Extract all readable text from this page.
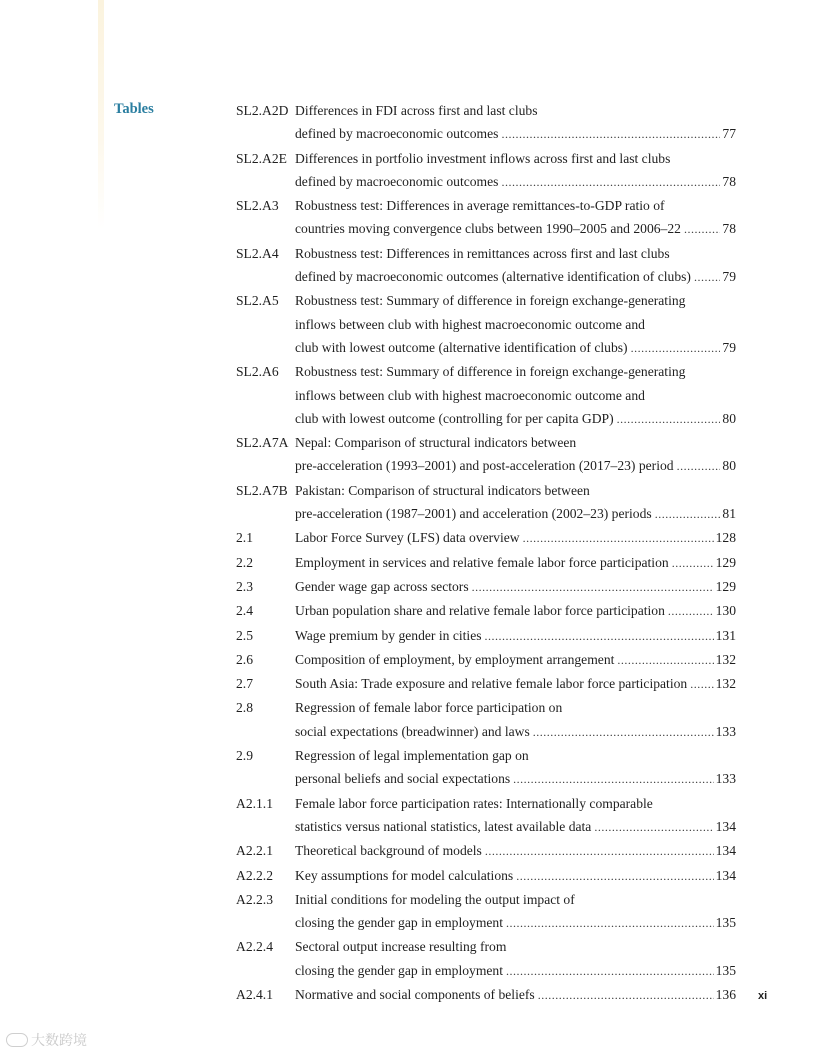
Tables	SL2.A2D Differences in FDI across first and last clubs
defined by macroeconomic outcomes .....	77
SL2.A2E Differences in portfolio investment inflows across first and last clubs
defined by macroeconomic outcomes .....	78
SL2.A3	Robustness test: Differences in average remittances-to-GDP ratio of
countries moving convergence clubs between 1990–2005 and 2006–22 .....	78
SL2.A4	Robustness test: Differences in remittances across first and last clubs
defined by macroeconomic outcomes (alternative identification of clubs) ..... 79
SL2.A5	Robustness test: Summary of difference in foreign exchange-generating
inflows between club with highest macroeconomic outcome and
club with lowest outcome (alternative identification of clubs) .....	79
SL2.A6	Robustness test: Summary of difference in foreign exchange-generating
inflows between club with highest macroeconomic outcome and
club with lowest outcome (controlling for per capita GDP) .....	80
SL2.A7A Nepal: Comparison of structural indicators between
pre-acceleration (1993–2001) and post-acceleration (2017–23) period .....	80
SL2.A7B Pakistan: Comparison of structural indicators between
pre-acceleration (1987–2001) and acceleration (2002–23) periods .....	81
2.1	Labor Force Survey (LFS) data overview .....	128
2.2	Employment in services and relative female labor force participation .....	129
2.3	Gender wage gap across sectors .....	129
2.4	Urban population share and relative female labor force participation .....	130
2.5	Wage premium by gender in cities .....	131
2.6	Composition of employment, by employment arrangement .....	132
2.7	South Asia: Trade exposure and relative female labor force participation ..... 132
2.8	Regression of female labor force participation on
social expectations (breadwinner) and laws .....	133
2.9	Regression of legal implementation gap on
personal beliefs and social expectations .....	133
A2.1.1	Female labor force participation rates: Internationally comparable
statistics versus national statistics, latest available data .....	134
A2.2.1	Theoretical background of models .....	134
A2.2.2	Key assumptions for model calculations .....	134
A2.2.3	Initial conditions for modeling the output impact of
closing the gender gap in employment .....	135
A2.2.4	Sectoral output increase resulting from
closing the gender gap in employment .....	135
A2.4.1	Normative and social components of beliefs .....	136 xi
大数跨境
